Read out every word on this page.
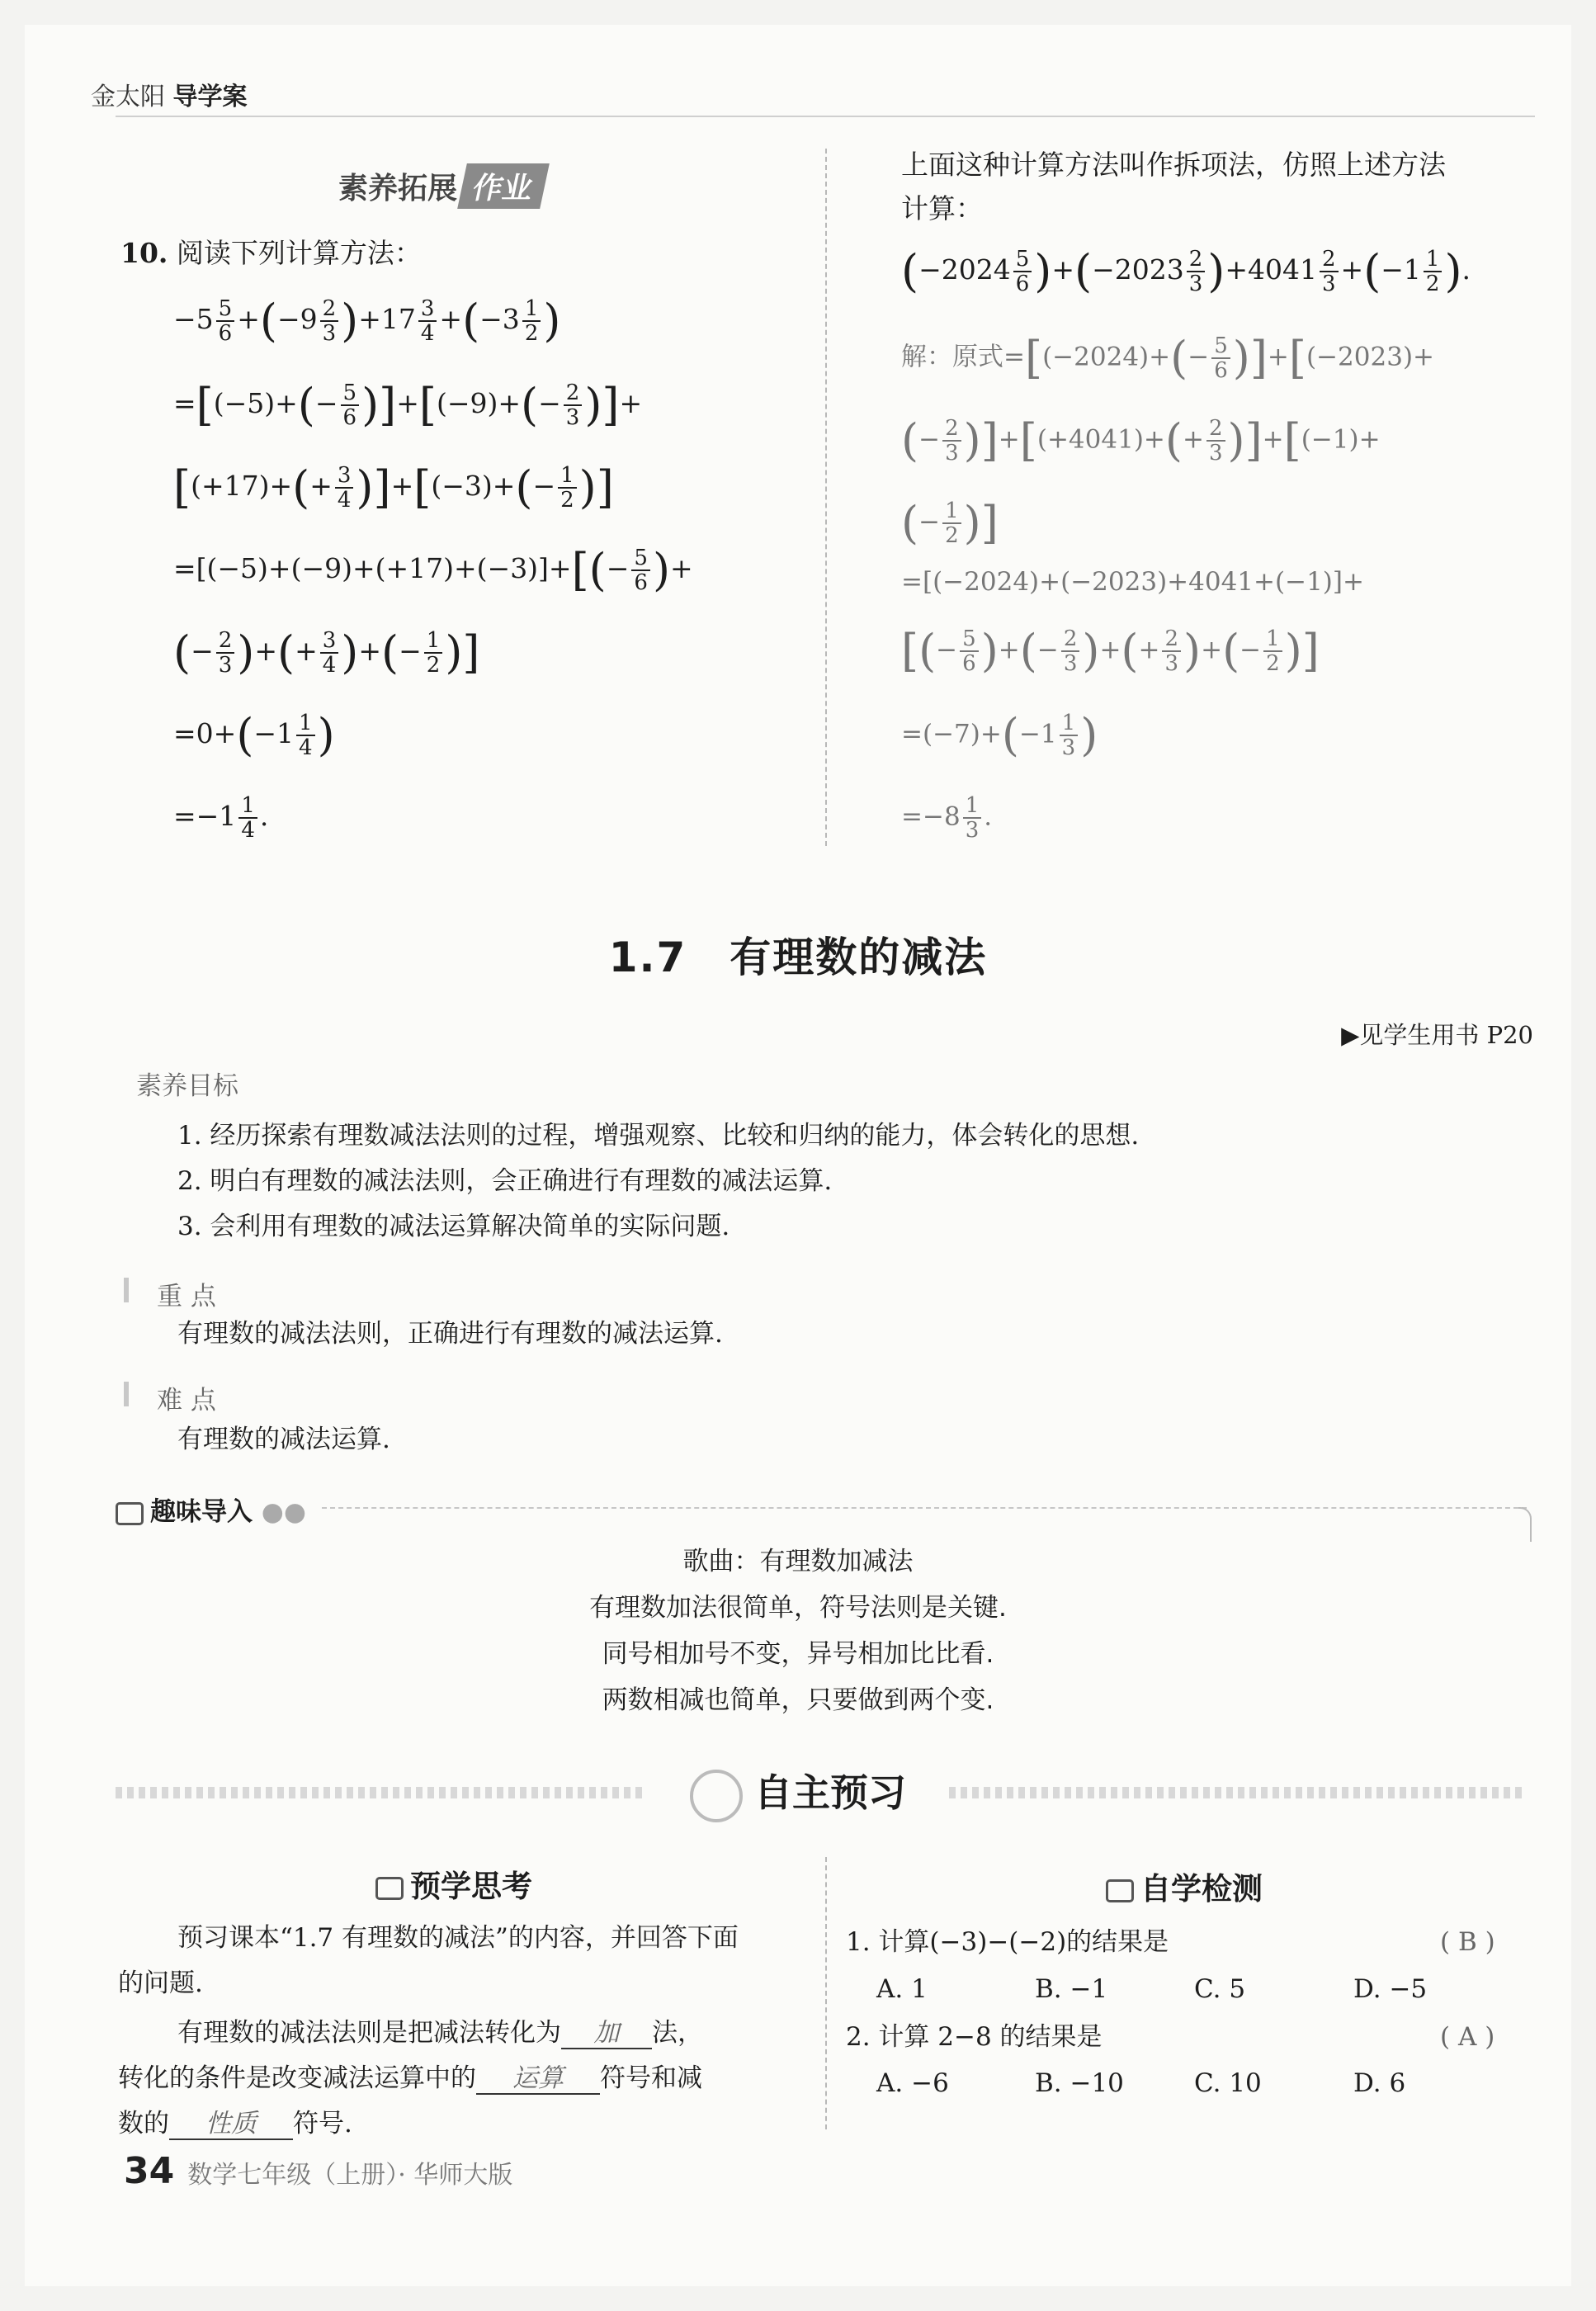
金太阳 导学案
素养拓展 作业
10. 阅读下列计算方法：
$-5 \frac{5}{6} +(-9 \frac{2}{3} )+17 \frac{3}{4} +(-3 \frac{1}{2}$ )
$=[(-5)+(- \frac{5}{6} )]+[(-9)+(- \frac{2}{3}$ )]+
$[(+17)+(+ \frac{3}{4} )]+[(-3)+(- \frac{1}{2}$ )]
$=[(-5)+(-9)+(+17)+(-3)]+[(- \frac{5}{6}$ )+
(− $\frac{2}{3}$ )+(+ $\frac{3}{4}$ )+(− $\frac{1}{2}$ )]
$=0+(-1 \frac{1}{4}$ )
$=-1 \frac{1}{4}$ .
上面这种计算方法叫作拆项法，仿照上述方法
计算：
$(-2024 \frac{5}{6} )+(-2023 \frac{2}{3} )+4041 \frac{2}{3} +(-1 \frac{1}{2}$ ).
解：原式$=[(-2024)+(- \frac{5}{6} )]+[(-2023)+$
(− $\frac{2}{3} )]+[(+4041)+(+ \frac{2}{3} )]+[(-1)+$
(− $\frac{1}{2}$ )]
=[(−2024)+(−2023)+4041+(−1)]+
[(− $\frac{5}{6}$ )+(− $\frac{2}{3}$ )+(+ $\frac{2}{3}$ )+(− $\frac{1}{2}$ )]
$=(-7)+(-1 \frac{1}{3}$ )
$=-8 \frac{1}{3}$ .
1.7　有理数的减法
▶见学生用书 P20
素养目标
1. 经历探索有理数减法法则的过程，增强观察、比较和归纳的能力，体会转化的思想.
2. 明白有理数的减法法则，会正确进行有理数的减法运算.
3. 会利用有理数的减法运算解决简单的实际问题.
重 点
有理数的减法法则，正确进行有理数的减法运算.
难 点
有理数的减法运算.
趣味导入 ●●
歌曲：有理数加减法
有理数加法很简单，符号法则是关键.
同号相加号不变，异号相加比比看.
两数相减也简单，只要做到两个变.
自主预习
预学思考	自学检测
预习课本“1.7 有理数的减法”的内容，并回答下面
的问题.
有理数的减法法则是把减法转化为 加 法，
转化的条件是改变减法运算中的 运算 符号和减
数的 性质 符号.
1. 计算(−3)−(−2)的结果是	( B )
A. 1	B. −1	C. 5	D. −5
2. 计算 2−8 的结果是	( A )
A. −6	B. −10	C. 10	D. 6
34 数学七年级（上册）· 华师大版
